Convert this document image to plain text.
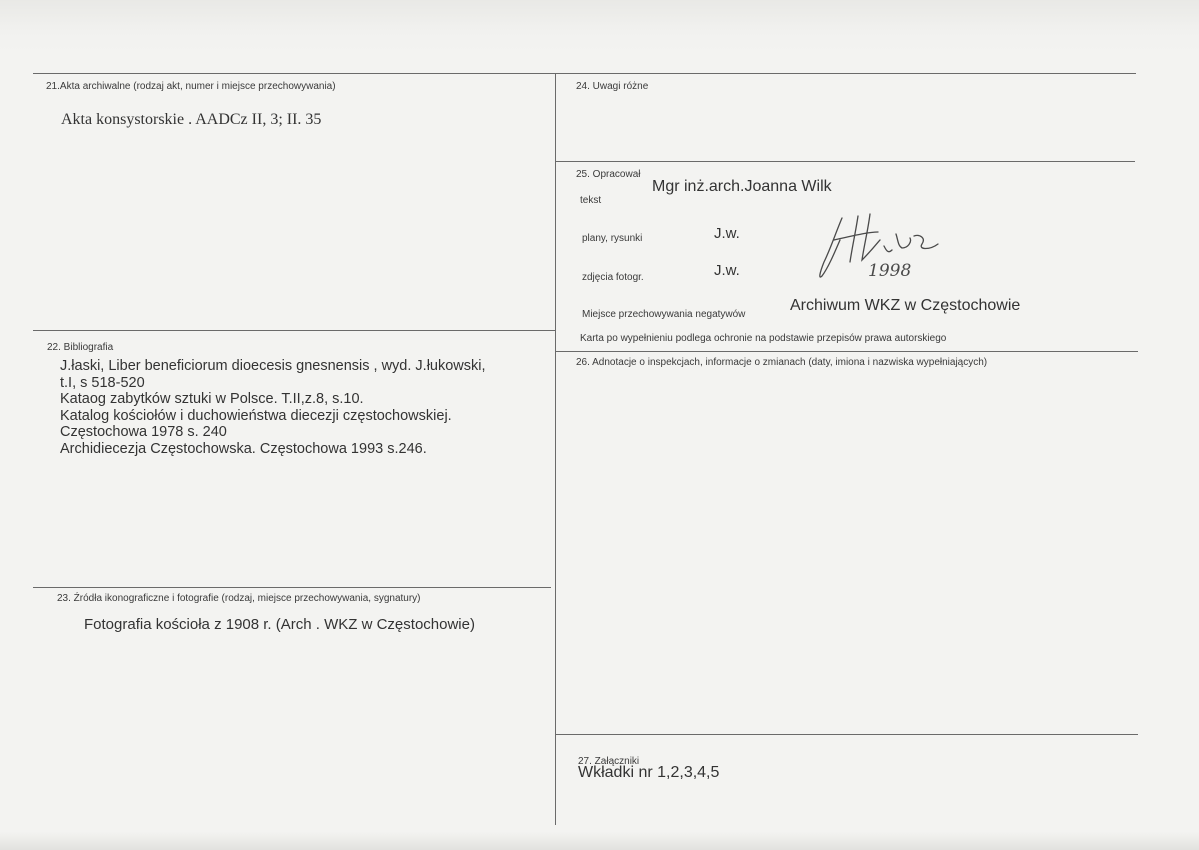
21.Akta archiwalne (rodzaj akt, numer i miejsce przechowywania)
Akta konsystorskie . AADCz II, 3; II. 35
22. Bibliografia
J.łaski, Liber beneficiorum dioecesis gnesnensis , wyd. J.łukowski,
t.I, s 518-520
Kataog zabytków sztuki w Polsce. T.II,z.8, s.10.
Katalog kościołów i duchowieństwa diecezji częstochowskiej.
Częstochowa 1978 s. 240
Archidiecezja Częstochowska. Częstochowa 1993 s.246.
23. Źródła ikonograficzne i fotografie (rodzaj, miejsce przechowywania, sygnatury)
Fotografia kościoła z 1908 r. (Arch . WKZ w Częstochowie)
24. Uwagi różne
25. Opracował
Mgr inż.arch.Joanna Wilk
tekst
plany, rysunki	J.w.
zdjęcia fotogr.	J.w.
Miejsce przechowywania negatywów
Archiwum WKZ w Częstochowie
Karta po wypełnieniu podlega ochronie na podstawie przepisów prawa autorskiego
1998
26. Adnotacje o inspekcjach, informacje o zmianach (daty, imiona i nazwiska wypełniających)
27. Załączniki
Wkładki nr 1,2,3,4,5
